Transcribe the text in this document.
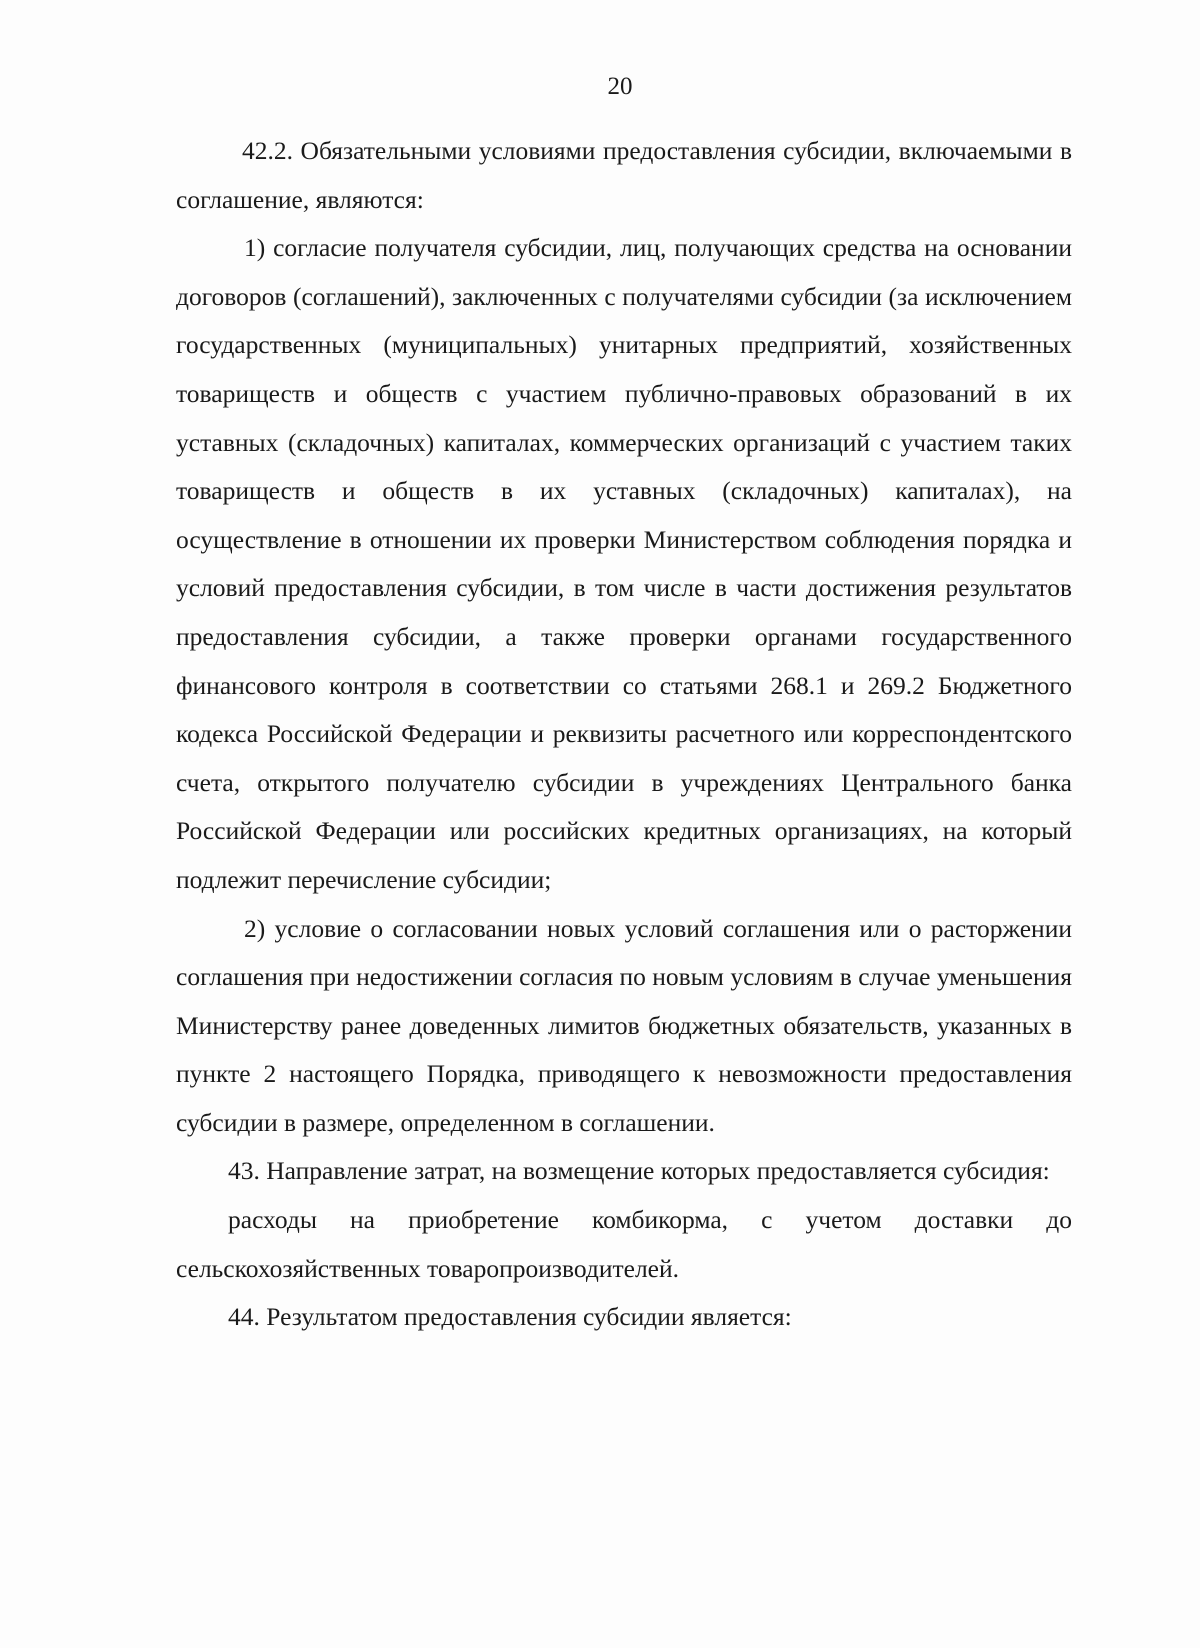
20

42.2. Обязательными условиями предоставления субсидии, включаемыми в соглашение, являются:

1) согласие получателя субсидии, лиц, получающих средства на основании договоров (соглашений), заключенных с получателями субсидии (за исключением государственных (муниципальных) унитарных предприятий, хозяйственных товариществ и обществ с участием публично-правовых образований в их уставных (складочных) капиталах, коммерческих организаций с участием таких товариществ и обществ в их уставных (складочных) капиталах), на осуществление в отношении их проверки Министерством соблюдения порядка и условий предоставления субсидии, в том числе в части достижения результатов предоставления субсидии, а также проверки органами государственного финансового контроля в соответствии со статьями 268.1 и 269.2 Бюджетного кодекса Российской Федерации и реквизиты расчетного или корреспондентского счета, открытого получателю субсидии в учреждениях Центрального банка Российской Федерации или российских кредитных организациях, на который подлежит перечисление субсидии;

2) условие о согласовании новых условий соглашения или о расторжении соглашения при недостижении согласия по новым условиям в случае уменьшения Министерству ранее доведенных лимитов бюджетных обязательств, указанных в пункте 2 настоящего Порядка, приводящего к невозможности предоставления субсидии в размере, определенном в соглашении.

43. Направление затрат, на возмещение которых предоставляется субсидия:

расходы на приобретение комбикорма, с учетом доставки до сельскохозяйственных товаропроизводителей.

44. Результатом предоставления субсидии является:
